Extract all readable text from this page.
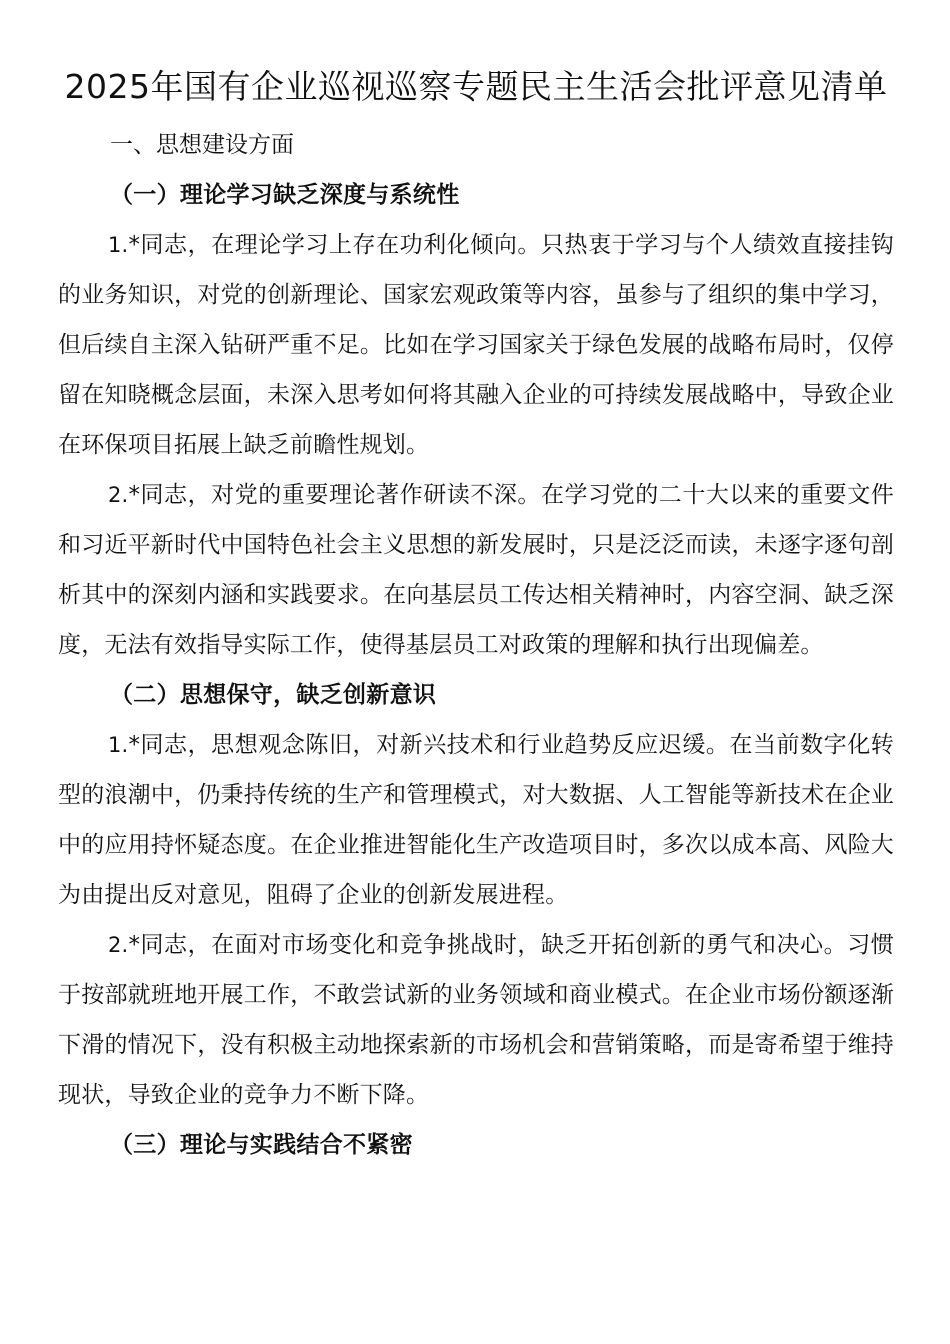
2025年国有企业巡视巡察专题民主生活会批评意见清单

一、思想建设方面

（一）理论学习缺乏深度与系统性

1.*同志，在理论学习上存在功利化倾向。只热衷于学习与个人绩效直接挂钩的业务知识，对党的创新理论、国家宏观政策等内容，虽参与了组织的集中学习，但后续自主深入钻研严重不足。比如在学习国家关于绿色发展的战略布局时，仅停留在知晓概念层面，未深入思考如何将其融入企业的可持续发展战略中，导致企业在环保项目拓展上缺乏前瞻性规划。

2.*同志，对党的重要理论著作研读不深。在学习党的二十大以来的重要文件和习近平新时代中国特色社会主义思想的新发展时，只是泛泛而读，未逐字逐句剖析其中的深刻内涵和实践要求。在向基层员工传达相关精神时，内容空洞、缺乏深度，无法有效指导实际工作，使得基层员工对政策的理解和执行出现偏差。

（二）思想保守，缺乏创新意识

1.*同志，思想观念陈旧，对新兴技术和行业趋势反应迟缓。在当前数字化转型的浪潮中，仍秉持传统的生产和管理模式，对大数据、人工智能等新技术在企业中的应用持怀疑态度。在企业推进智能化生产改造项目时，多次以成本高、风险大为由提出反对意见，阻碍了企业的创新发展进程。

2.*同志，在面对市场变化和竞争挑战时，缺乏开拓创新的勇气和决心。习惯于按部就班地开展工作，不敢尝试新的业务领域和商业模式。在企业市场份额逐渐下滑的情况下，没有积极主动地探索新的市场机会和营销策略，而是寄希望于维持现状，导致企业的竞争力不断下降。

（三）理论与实践结合不紧密
